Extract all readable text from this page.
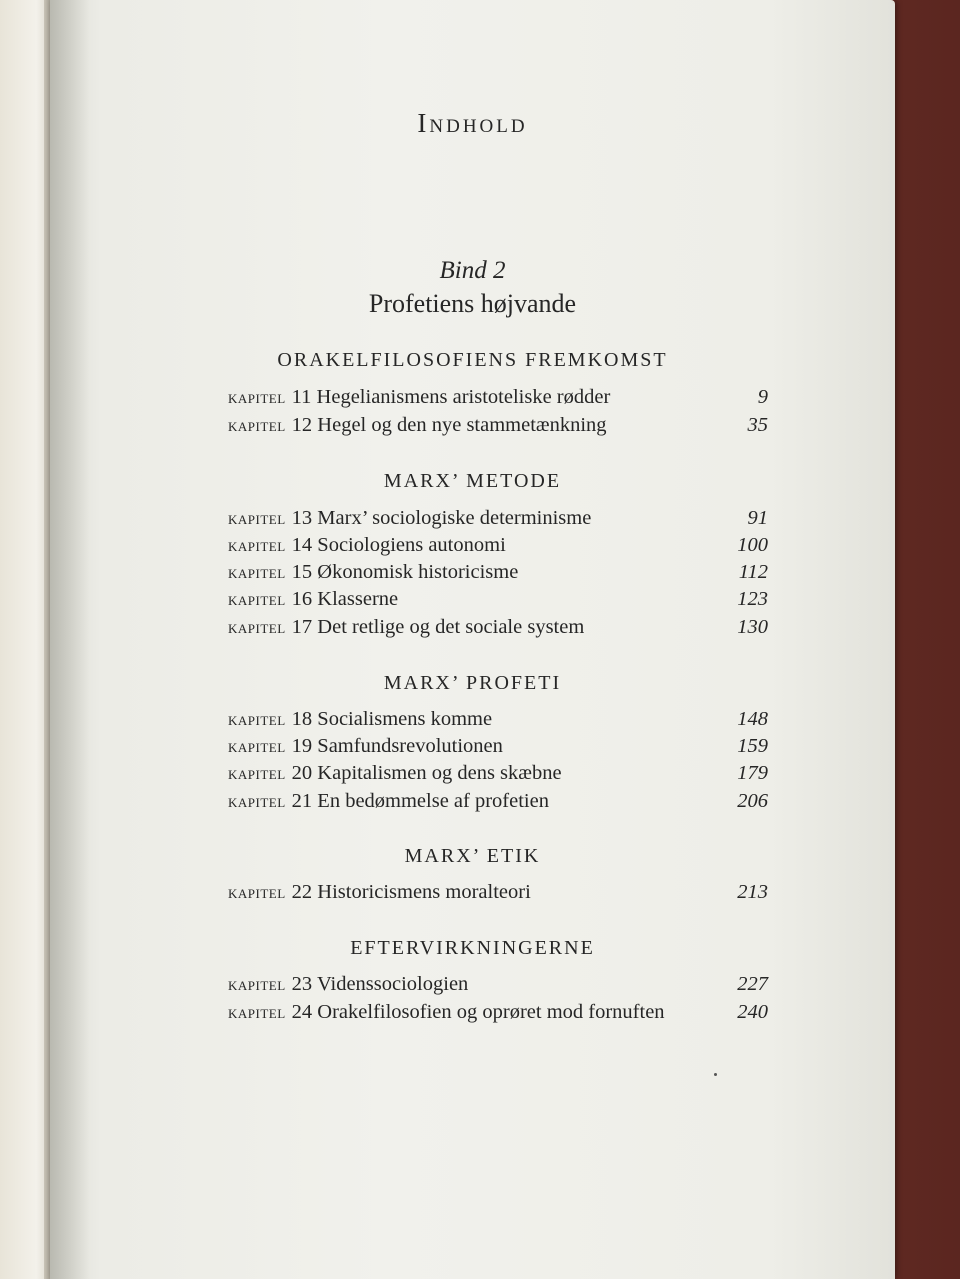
Indhold
Bind 2
Profetiens højvande
ORAKELFILOSOFIENS FREMKOMST
KAPITEL 11 Hegelianismens aristoteliske rødder	9
KAPITEL 12 Hegel og den nye stammetænkning	35
MARX’ METODE
KAPITEL 13 Marx’ sociologiske determinisme	91
KAPITEL 14 Sociologiens autonomi	100
KAPITEL 15 Økonomisk historicisme	112
KAPITEL 16 Klasserne	123
KAPITEL 17 Det retlige og det sociale system	130
MARX’ PROFETI
KAPITEL 18 Socialismens komme	148
KAPITEL 19 Samfundsrevolutionen	159
KAPITEL 20 Kapitalismen og dens skæbne	179
KAPITEL 21 En bedømmelse af profetien	206
MARX’ ETIK
KAPITEL 22 Historicismens moralteori	213
EFTERVIRKNINGERNE
KAPITEL 23 Videnssociologien	227
KAPITEL 24 Orakelfilosofien og oprøret mod fornuften	240
